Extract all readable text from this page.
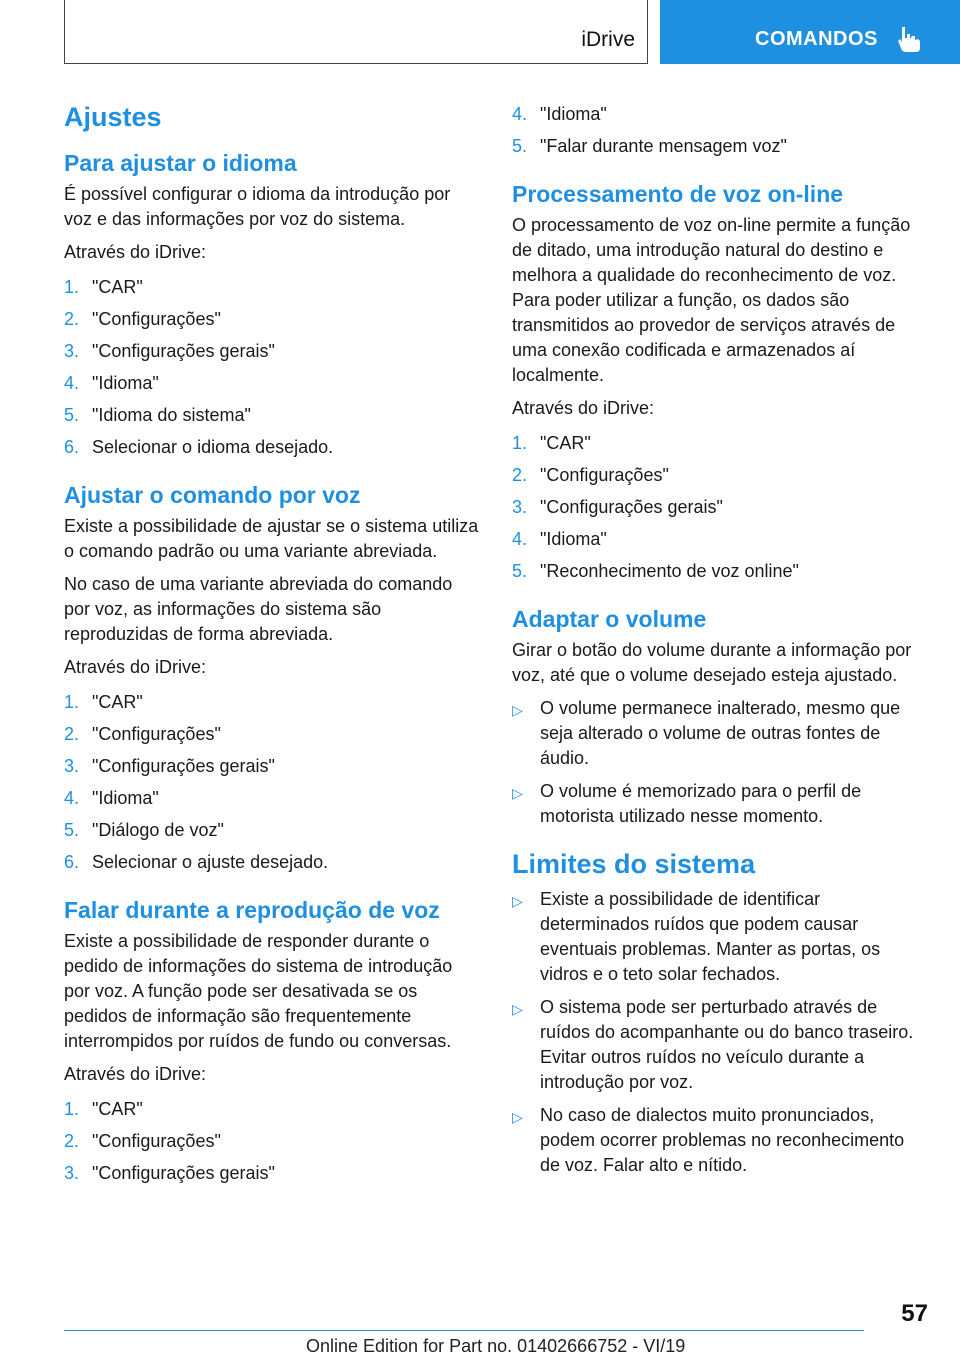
iDrive	COMANDOS
Ajustes
Para ajustar o idioma
É possível configurar o idioma da introdução por voz e das informações por voz do sistema.
Através do iDrive:
1. "CAR"
2. "Configurações"
3. "Configurações gerais"
4. "Idioma"
5. "Idioma do sistema"
6. Selecionar o idioma desejado.
Ajustar o comando por voz
Existe a possibilidade de ajustar se o sistema utiliza o comando padrão ou uma variante abreviada.
No caso de uma variante abreviada do comando por voz, as informações do sistema são reproduzidas de forma abreviada.
Através do iDrive:
1. "CAR"
2. "Configurações"
3. "Configurações gerais"
4. "Idioma"
5. "Diálogo de voz"
6. Selecionar o ajuste desejado.
Falar durante a reprodução de voz
Existe a possibilidade de responder durante o pedido de informações do sistema de introdução por voz. A função pode ser desativada se os pedidos de informação são frequentemente interrompidos por ruídos de fundo ou conversas.
Através do iDrive:
1. "CAR"
2. "Configurações"
3. "Configurações gerais"
4. "Idioma"
5. "Falar durante mensagem voz"
Processamento de voz on-line
O processamento de voz on-line permite a função de ditado, uma introdução natural do destino e melhora a qualidade do reconhecimento de voz. Para poder utilizar a função, os dados são transmitidos ao provedor de serviços através de uma conexão codificada e armazenados aí localmente.
Através do iDrive:
1. "CAR"
2. "Configurações"
3. "Configurações gerais"
4. "Idioma"
5. "Reconhecimento de voz online"
Adaptar o volume
Girar o botão do volume durante a informação por voz, até que o volume desejado esteja ajustado.
▷ O volume permanece inalterado, mesmo que seja alterado o volume de outras fontes de áudio.
▷ O volume é memorizado para o perfil de motorista utilizado nesse momento.
Limites do sistema
▷ Existe a possibilidade de identificar determinados ruídos que podem causar eventuais problemas. Manter as portas, os vidros e o teto solar fechados.
▷ O sistema pode ser perturbado através de ruídos do acompanhante ou do banco traseiro. Evitar outros ruídos no veículo durante a introdução por voz.
▷ No caso de dialectos muito pronunciados, podem ocorrer problemas no reconhecimento de voz. Falar alto e nítido.
57
Online Edition for Part no. 01402666752 - VI/19
